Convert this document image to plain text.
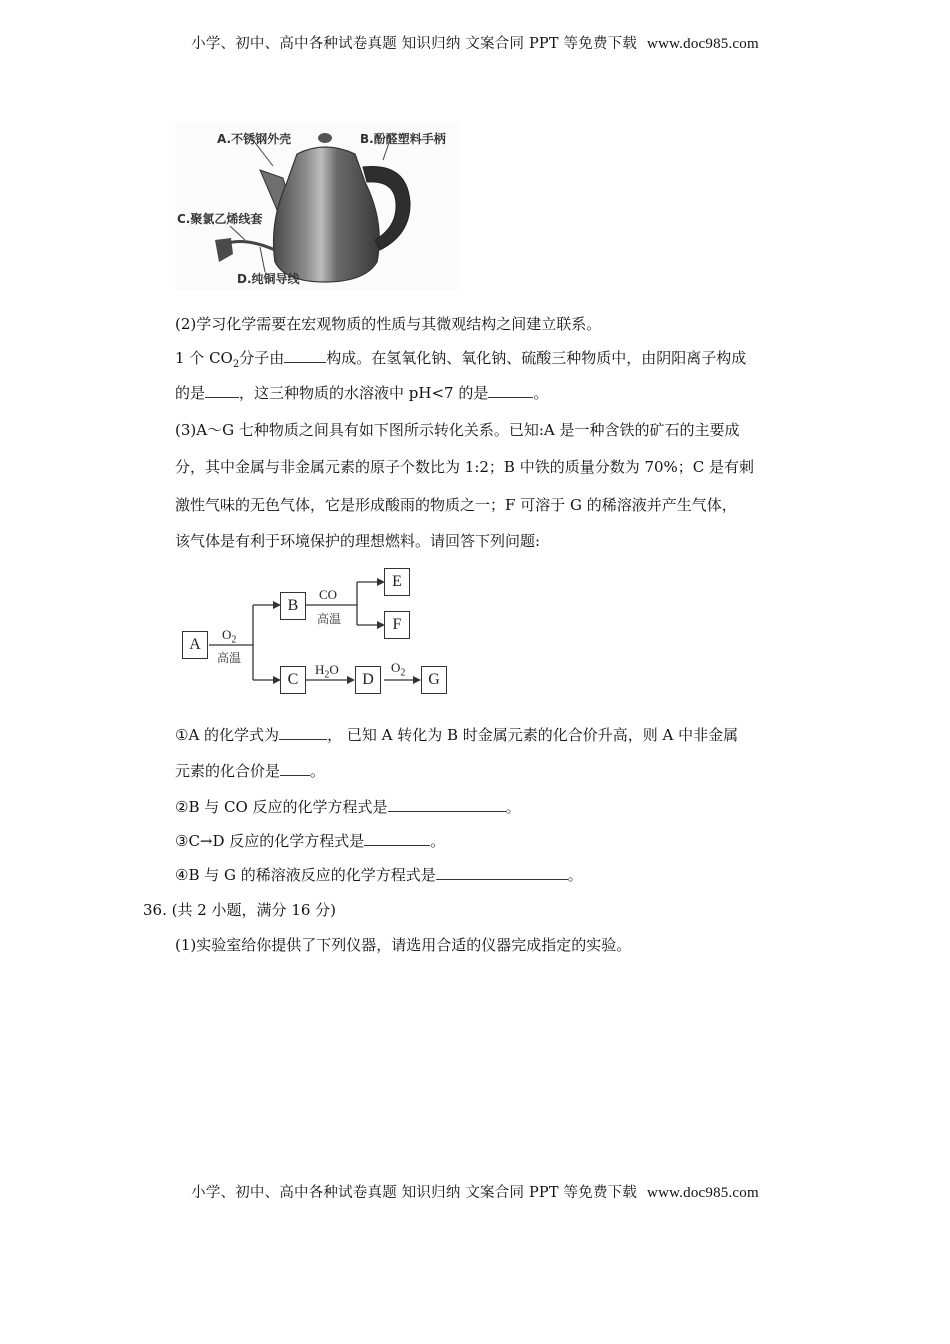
小学、初中、高中各种试卷真题 知识归纳 文案合同 PPT 等免费下载 www.doc985.com
A.不锈钢外壳	B.酚醛塑料手柄
C.聚氯乙烯线套
D.纯铜导线
(2)学习化学需要在宏观物质的性质与其微观结构之间建立联系。
1 个 $CO_2$分子由	构成。在氢氧化钠、氧化钠、硫酸三种物质中，由阴阳离子构成
的是 ，这三种物质的水溶液中 pH<7 的是	。
(3)A～G 七种物质之间具有如下图所示转化关系。已知:A 是一种含铁的矿石的主要成
分，其中金属与非金属元素的原子个数比为 1:2；B 中铁的质量分数为 70%；C 是有刺
激性气味的无色气体，它是形成酸雨的物质之一；F 可溶于 G 的稀溶液并产生气体，
该气体是有利于环境保护的理想燃料。请回答下列问题:
A
B
C
E
F
D	G
$O_2$
高温
CO
高温
$H_2O$	$O_2$
①A 的化学式为	， 已知 A 转化为 B 时金属元素的化合价升高，则 A 中非金属
元素的化合价是 。
②B 与 CO 反应的化学方程式是	。
③C→D 反应的化学方程式是	。
④B 与 G 的稀溶液反应的化学方程式是	。
36. (共 2 小题，满分 16 分)
(1)实验室给你提供了下列仪器，请选用合适的仪器完成指定的实验。
小学、初中、高中各种试卷真题 知识归纳 文案合同 PPT 等免费下载 www.doc985.com
